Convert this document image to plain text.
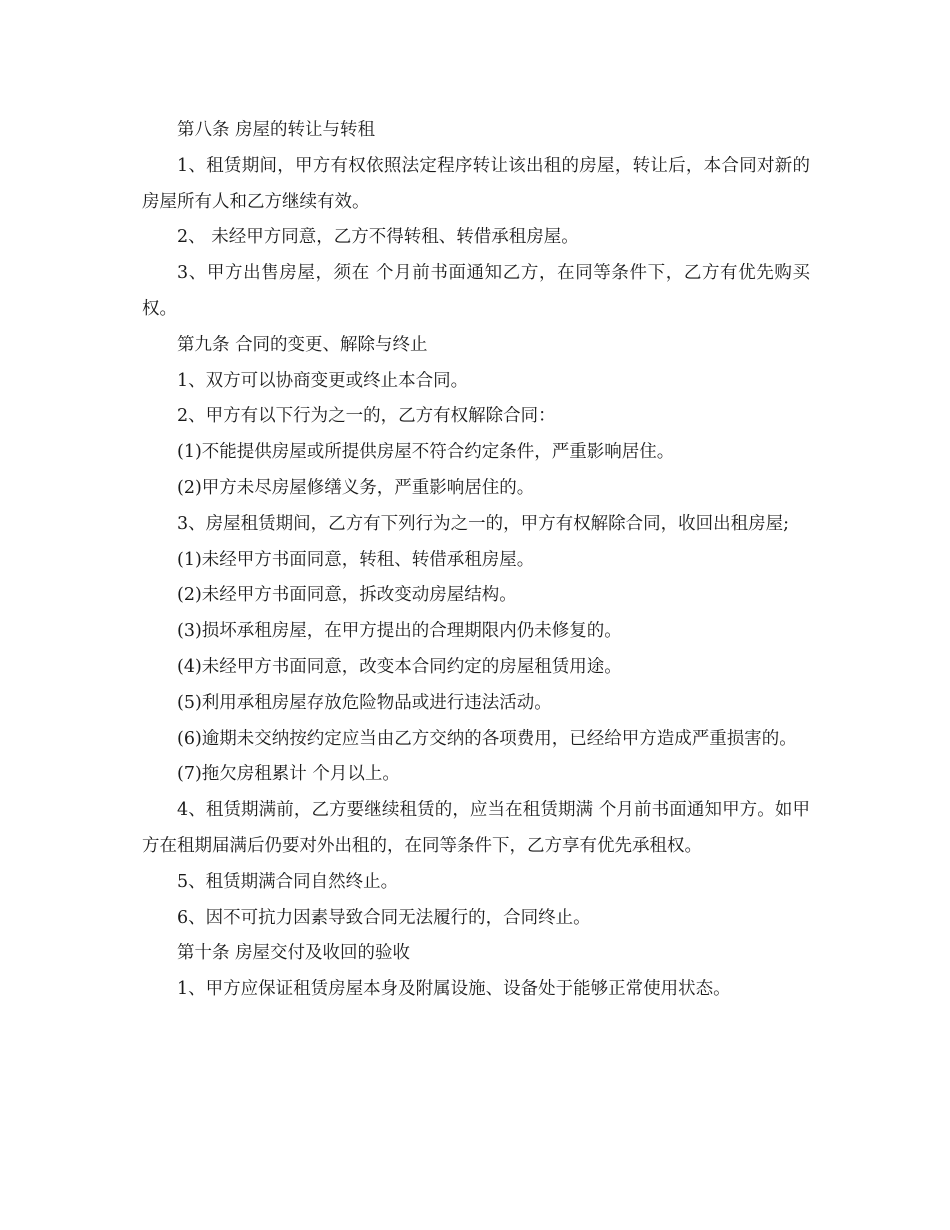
第八条 房屋的转让与转租

1、租赁期间，甲方有权依照法定程序转让该出租的房屋，转让后，本合同对新的房屋所有人和乙方继续有效。

2、 未经甲方同意，乙方不得转租、转借承租房屋。

3、甲方出售房屋，须在 个月前书面通知乙方，在同等条件下，乙方有优先购买权。

第九条 合同的变更、解除与终止

1、双方可以协商变更或终止本合同。

2、甲方有以下行为之一的，乙方有权解除合同：

(1)不能提供房屋或所提供房屋不符合约定条件，严重影响居住。

(2)甲方未尽房屋修缮义务，严重影响居住的。

3、房屋租赁期间，乙方有下列行为之一的，甲方有权解除合同，收回出租房屋;

(1)未经甲方书面同意，转租、转借承租房屋。

(2)未经甲方书面同意，拆改变动房屋结构。

(3)损坏承租房屋，在甲方提出的合理期限内仍未修复的。

(4)未经甲方书面同意，改变本合同约定的房屋租赁用途。

(5)利用承租房屋存放危险物品或进行违法活动。

(6)逾期未交纳按约定应当由乙方交纳的各项费用，已经给甲方造成严重损害的。

(7)拖欠房租累计 个月以上。

4、租赁期满前，乙方要继续租赁的，应当在租赁期满 个月前书面通知甲方。如甲方在租期届满后仍要对外出租的，在同等条件下，乙方享有优先承租权。

5、租赁期满合同自然终止。

6、因不可抗力因素导致合同无法履行的，合同终止。

第十条 房屋交付及收回的验收

1、甲方应保证租赁房屋本身及附属设施、设备处于能够正常使用状态。
